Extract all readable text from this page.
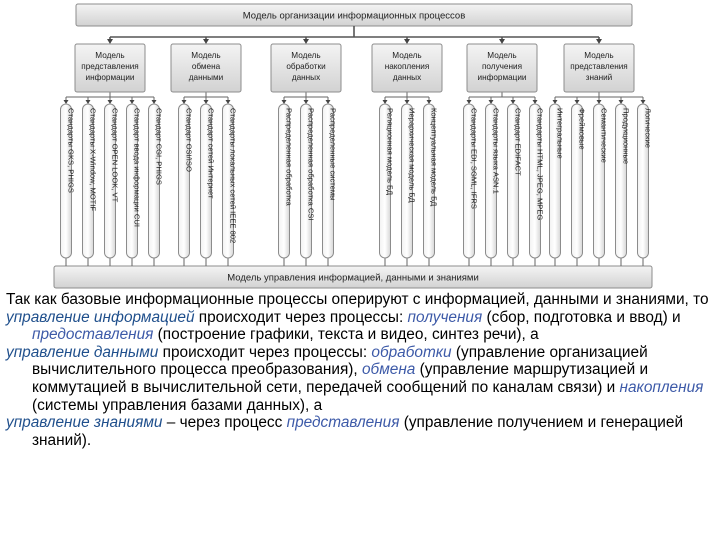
Модель организации информационных процессов
Модель управления информацией, данными и знаниями
Модель
представления
информации
Модель
обмена
данными
Модель
обработки
данных
Модель
накопления
данных
Модель
получения
информации
Модель
представления
знаний
Стандарты GKS, PHIGS Стандарты X-Window, MOTIF Стандарт OPEN LOOK, VT Стандарт ввода информации CUI Стандарт CGI, PHIGS	Стандарт OSI/ISO Стандарт сетей Интернет Стандарты локальных сетей IEEE 802	Распределенная обработка Распределенная обработка CSI Распределенные системы	Реляционная модель БД Иерархическая модель БД Концептуальная модель БД	Стандарты EDI, SGML, IFRS Стандарты языка ASN.1 Стандарт EDIFACT Стандарты HTML, JPEG, MPEG Интегральные Фреймовые Семантические Продукционные Логические

Так как базовые информационные процессы оперируют с информацией, данными и знаниями, то

управление информацией происходит через процессы: получения (сбор, подготовка и ввод) и предоставления (построение графики, текста и видео, синтез речи), а

управление данными происходит через процессы: обработки (управление организацией вычислительного процесса преобразования), обмена (управление маршрутизацией и коммутацией в вычислительной сети, передачей сообщений по каналам связи) и накопления (системы управления базами данных), а

управление знаниями – через процесс представления (управление получением и генерацией знаний).
